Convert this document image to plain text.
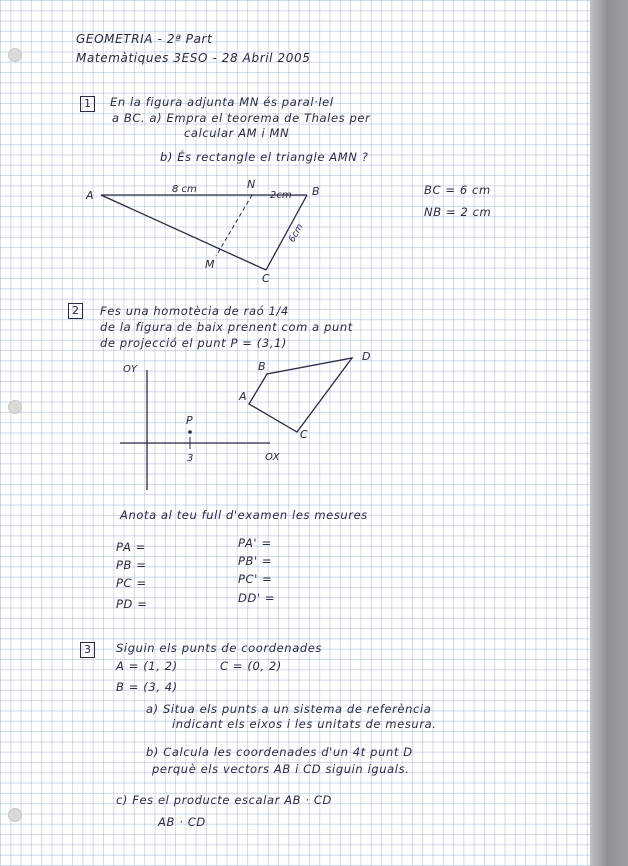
GEOMETRIA - 2ª Part
Matemàtiques 3ESO - 28 Abril 2005
1	En la figura adjunta MN és paral·lel
a BC. a) Empra el teorema de Thales per
calcular AM i MN
b) És rectangle el triangle AMN ?
BC = 6 cm
NB = 2 cm
A	B
N
M
C
8 cm
2cm
6cm
2	Fes una homotècia de raó 1/4
de la figura de baix prenent com a punt
de projecció el punt P = (3,1)
OY
OX
P
3
A
B
C
D
Anota al teu full d'examen les mesures
PA =
PB =
PC =
PD =
PA' =
PB' =
PC' =
DD' =
3	Siguin els punts de coordenades
A = (1, 2)	C = (0, 2)
B = (3, 4)
a) Situa els punts a un sistema de referència
indicant els eixos i les unitats de mesura.
b) Calcula les coordenades d'un 4t punt D
perquè els vectors AB i CD siguin iguals.
c) Fes el producte escalar AB · CD
AB · CD
